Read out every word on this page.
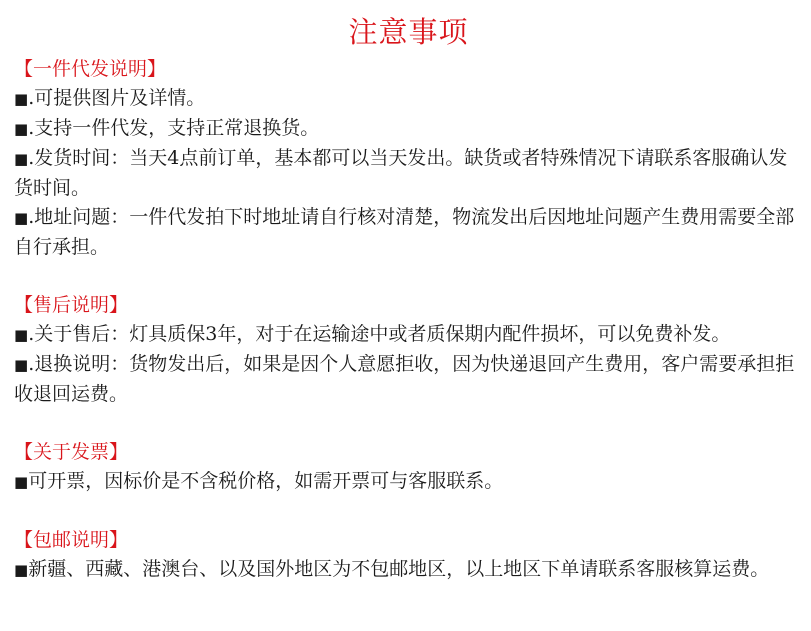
注意事项
【一件代发说明】

■.可提供图片及详情。

■.支持一件代发，支持正常退换货。

■.发货时间：当天4点前订单，基本都可以当天发出。缺货或者特殊情况下请联系客服确认发货时间。

■.地址问题：一件代发拍下时地址请自行核对清楚，物流发出后因地址问题产生费用需要全部自行承担。

【售后说明】

■.关于售后：灯具质保3年，对于在运输途中或者质保期内配件损坏，可以免费补发。

■.退换说明：货物发出后，如果是因个人意愿拒收，因为快递退回产生费用，客户需要承担拒收退回运费。

【关于发票】

■可开票，因标价是不含税价格，如需开票可与客服联系。

【包邮说明】

■新疆、西藏、港澳台、以及国外地区为不包邮地区，以上地区下单请联系客服核算运费。
